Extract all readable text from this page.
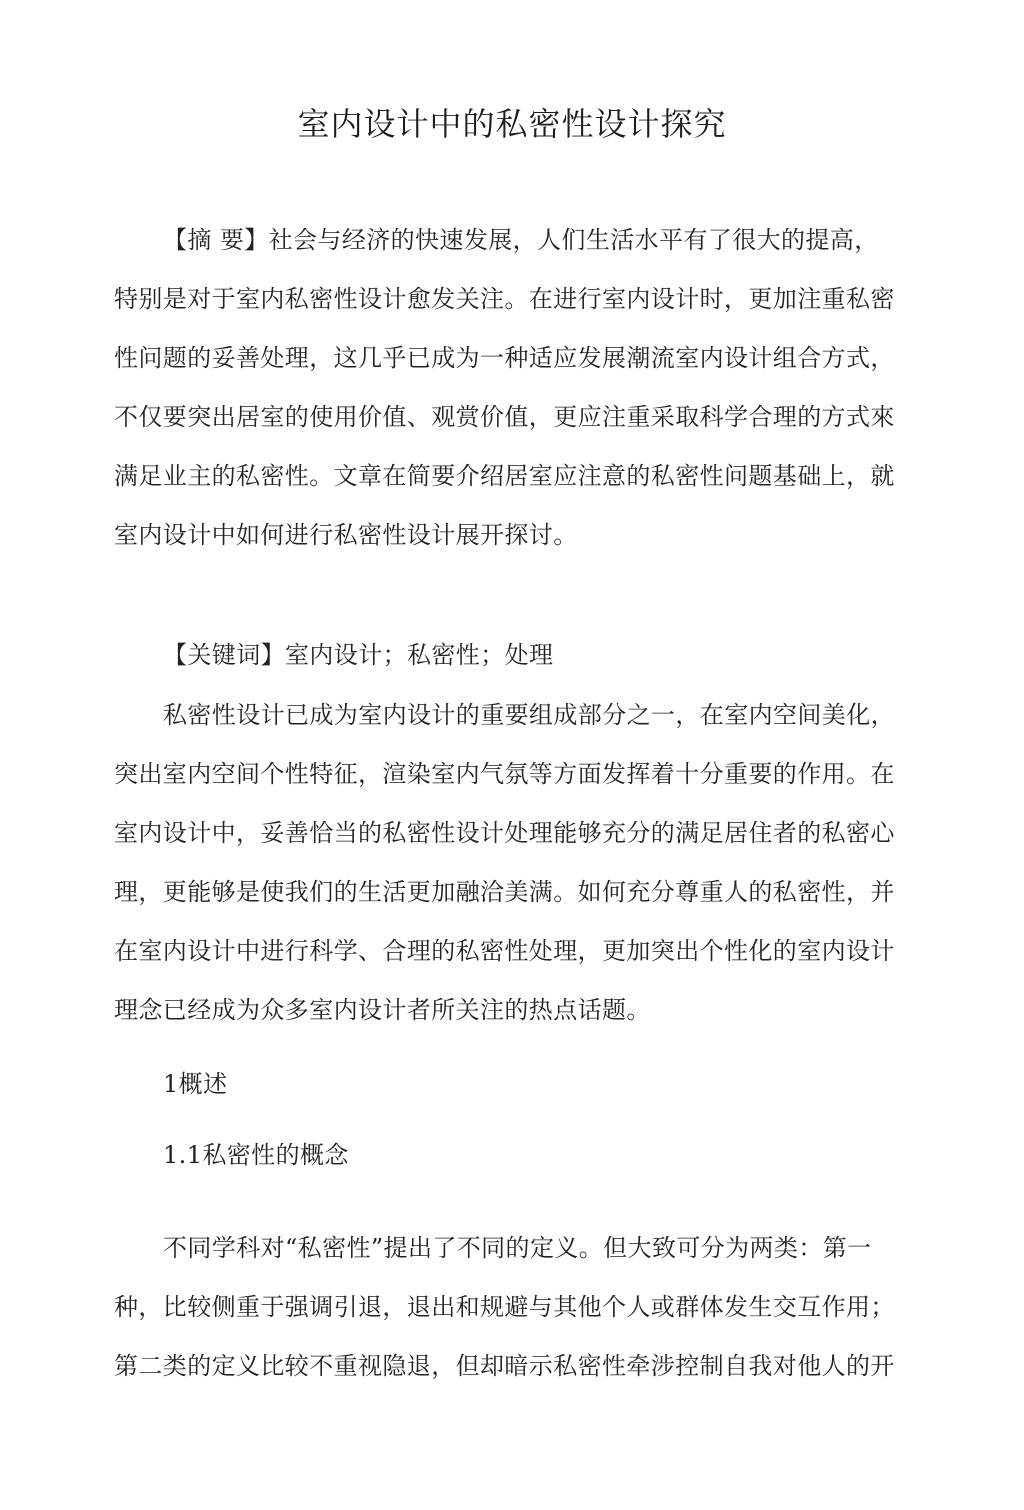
室内设计中的私密性设计探究
【摘 要】社会与经济的快速发展，人们生活水平有了很大的提高，
特别是对于室内私密性设计愈发关注。在进行室内设计时，更加注重私密
性问题的妥善处理，这几乎已成为一种适应发展潮流室内设计组合方式，
不仅要突出居室的使用价值、观赏价值，更应注重采取科学合理的方式來
满足业主的私密性。文章在简要介绍居室应注意的私密性问题基础上，就
室内设计中如何进行私密性设计展开探讨。
【关键词】室内设计；私密性；处理
私密性设计已成为室内设计的重要组成部分之一，在室内空间美化，
突出室内空间个性特征，渲染室内气氛等方面发挥着十分重要的作用。在
室内设计中，妥善恰当的私密性设计处理能够充分的满足居住者的私密心
理，更能够是使我们的生活更加融洽美满。如何充分尊重人的私密性，并
在室内设计中进行科学、合理的私密性处理，更加突出个性化的室内设计
理念已经成为众多室内设计者所关注的热点话题。
1概述
1.1私密性的概念
不同学科对“私密性”提出了不同的定义。但大致可分为两类：第一
种，比较侧重于强调引退，退出和规避与其他个人或群体发生交互作用；
第二类的定义比较不重视隐退，但却暗示私密性牵涉控制自我对他人的开
